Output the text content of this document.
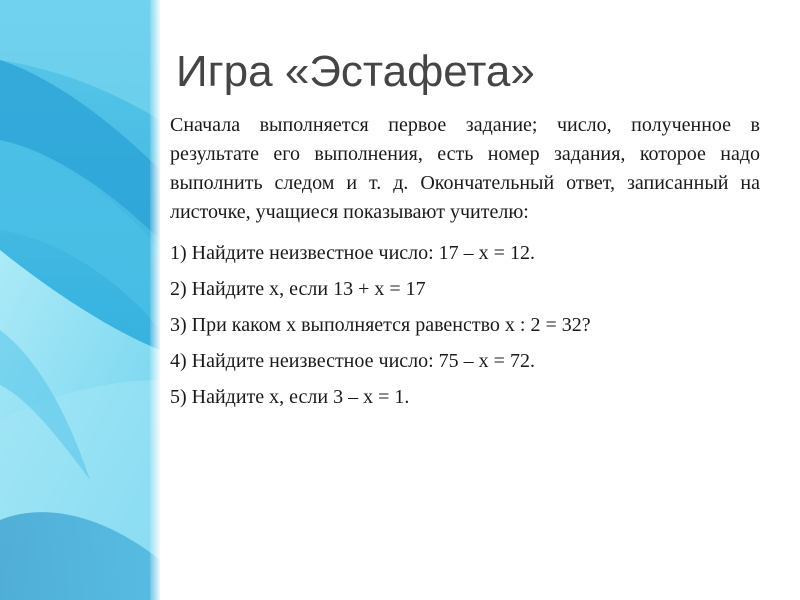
Игра «Эстафета»

Сначала выполняется первое задание; число, полученное в результате его выполнения, есть номер задания, которое надо выполнить следом и т. д. Окончательный ответ, записанный на листочке, учащиеся показывают учителю:

1) Найдите неизвестное число: 17 – х = 12.

2) Найдите х, если 13 + х = 17

3) При каком х выполняется равенство х : 2 = 32?

4) Найдите неизвестное число: 75 – х = 72.

5) Найдите х, если 3 – х = 1.
